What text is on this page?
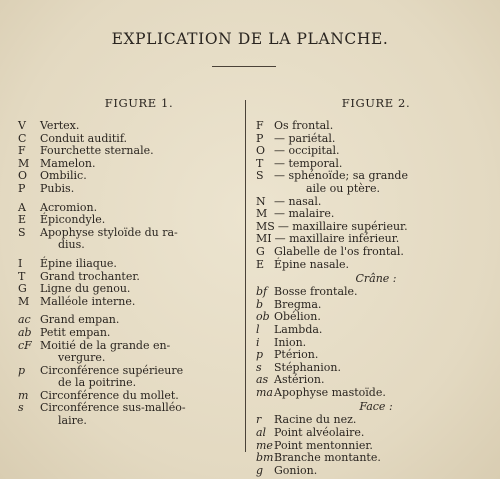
EXPLICATION DE LA PLANCHE.
FIGURE 1.
V	Vertex.
C	Conduit auditif.
F	Fourchette sternale.
M Mamelon.
O	Ombilic.
P	Pubis.
A	Acromion.
E	Épicondyle.
S	Apophyse styloïde du ra-
dius.
I	Épine iliaque.
T	Grand trochanter.
G	Ligne du genou.
M Malléole interne.
ac Grand empan.
ab Petit empan.
cF Moitié de la grande en-
vergure.
p	Circonférence supérieure
de la poitrine.
m	Circonférence du mollet.
s	Circonférence sus-malléo-
laire.
FIGURE 2.
F Os frontal.
P — pariétal.
O — occipital.
T — temporal.
S — sphénoïde; sa grande
aile ou ptère.
N — nasal.
M — malaire.
MS — maxillaire supérieur.
MI — maxillaire inférieur.
G Glabelle de l'os frontal.
E Épine nasale.
Crâne :
bf Bosse frontale.
b Bregma.
ob Obélion.
l	Lambda.
i	Inion.
p Ptérion.
s	Stéphanion.
as Astérion.
ma Apophyse mastoïde.
Face :
r	Racine du nez.
al Point alvéolaire.
me Point mentonnier.
bm Branche montante.
g Gonion.
